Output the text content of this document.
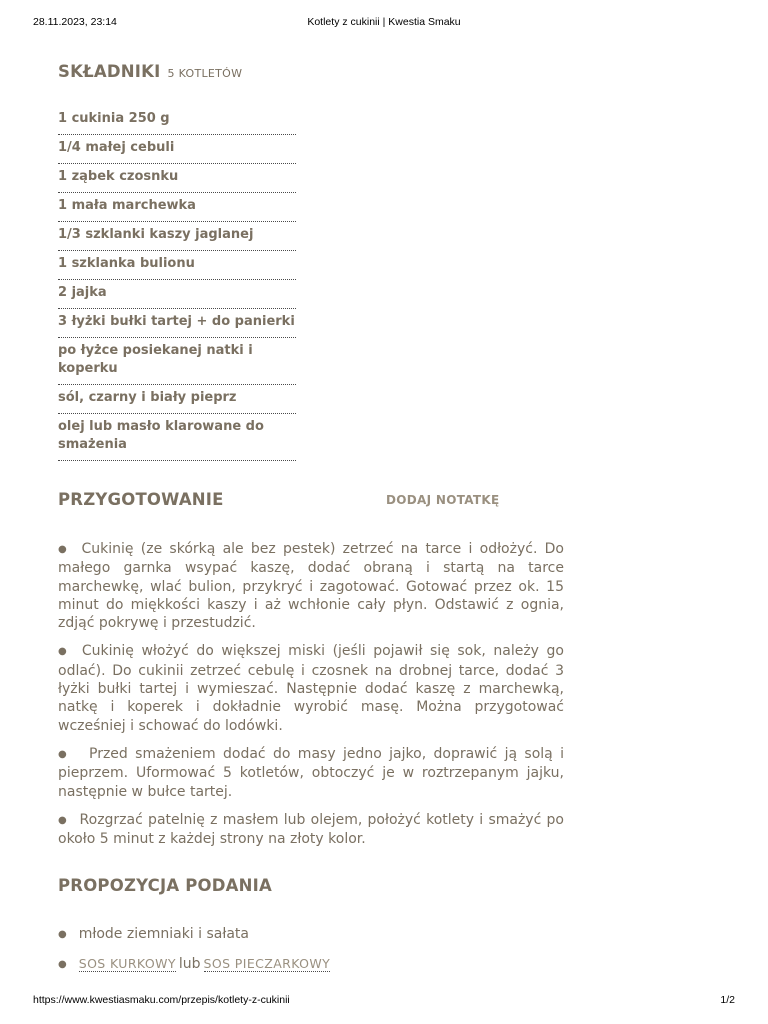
28.11.2023, 23:14	Kotlety z cukinii | Kwestia Smaku
SKŁADNIKI 5 KOTLETÓW
1 cukinia 250 g
1/4 małej cebuli
1 ząbek czosnku
1 mała marchewka
1/3 szklanki kaszy jaglanej
1 szklanka bulionu
2 jajka
3 łyżki bułki tartej + do panierki
po łyżce posiekanej natki i koperku
sól, czarny i biały pieprz
olej lub masło klarowane do smażenia
PRZYGOTOWANIE	DODAJ NOTATKĘ
● Cukinię (ze skórką ale bez pestek) zetrzeć na tarce i odłożyć. Do małego garnka wsypać kaszę, dodać obraną i startą na tarce marchewkę, wlać bulion, przykryć i zagotować. Gotować przez ok. 15 minut do miękkości kaszy i aż wchłonie cały płyn. Odstawić z ognia, zdjąć pokrywę i przestudzić.
● Cukinię włożyć do większej miski (jeśli pojawił się sok, należy go odlać). Do cukinii zetrzeć cebulę i czosnek na drobnej tarce, dodać 3 łyżki bułki tartej i wymieszać. Następnie dodać kaszę z marchewką, natkę i koperek i dokładnie wyrobić masę. Można przygotować wcześniej i schować do lodówki.
● Przed smażeniem dodać do masy jedno jajko, doprawić ją solą i pieprzem. Uformować 5 kotletów, obtoczyć je w roztrzepanym jajku, następnie w bułce tartej.
● Rozgrzać patelnię z masłem lub olejem, położyć kotlety i smażyć po około 5 minut z każdej strony na złoty kolor.
PROPOZYCJA PODANIA
● młode ziemniaki i sałata
● SOS KURKOWY lub SOS PIECZARKOWY
https://www.kwestiasmaku.com/przepis/kotlety-z-cukinii	1/2
